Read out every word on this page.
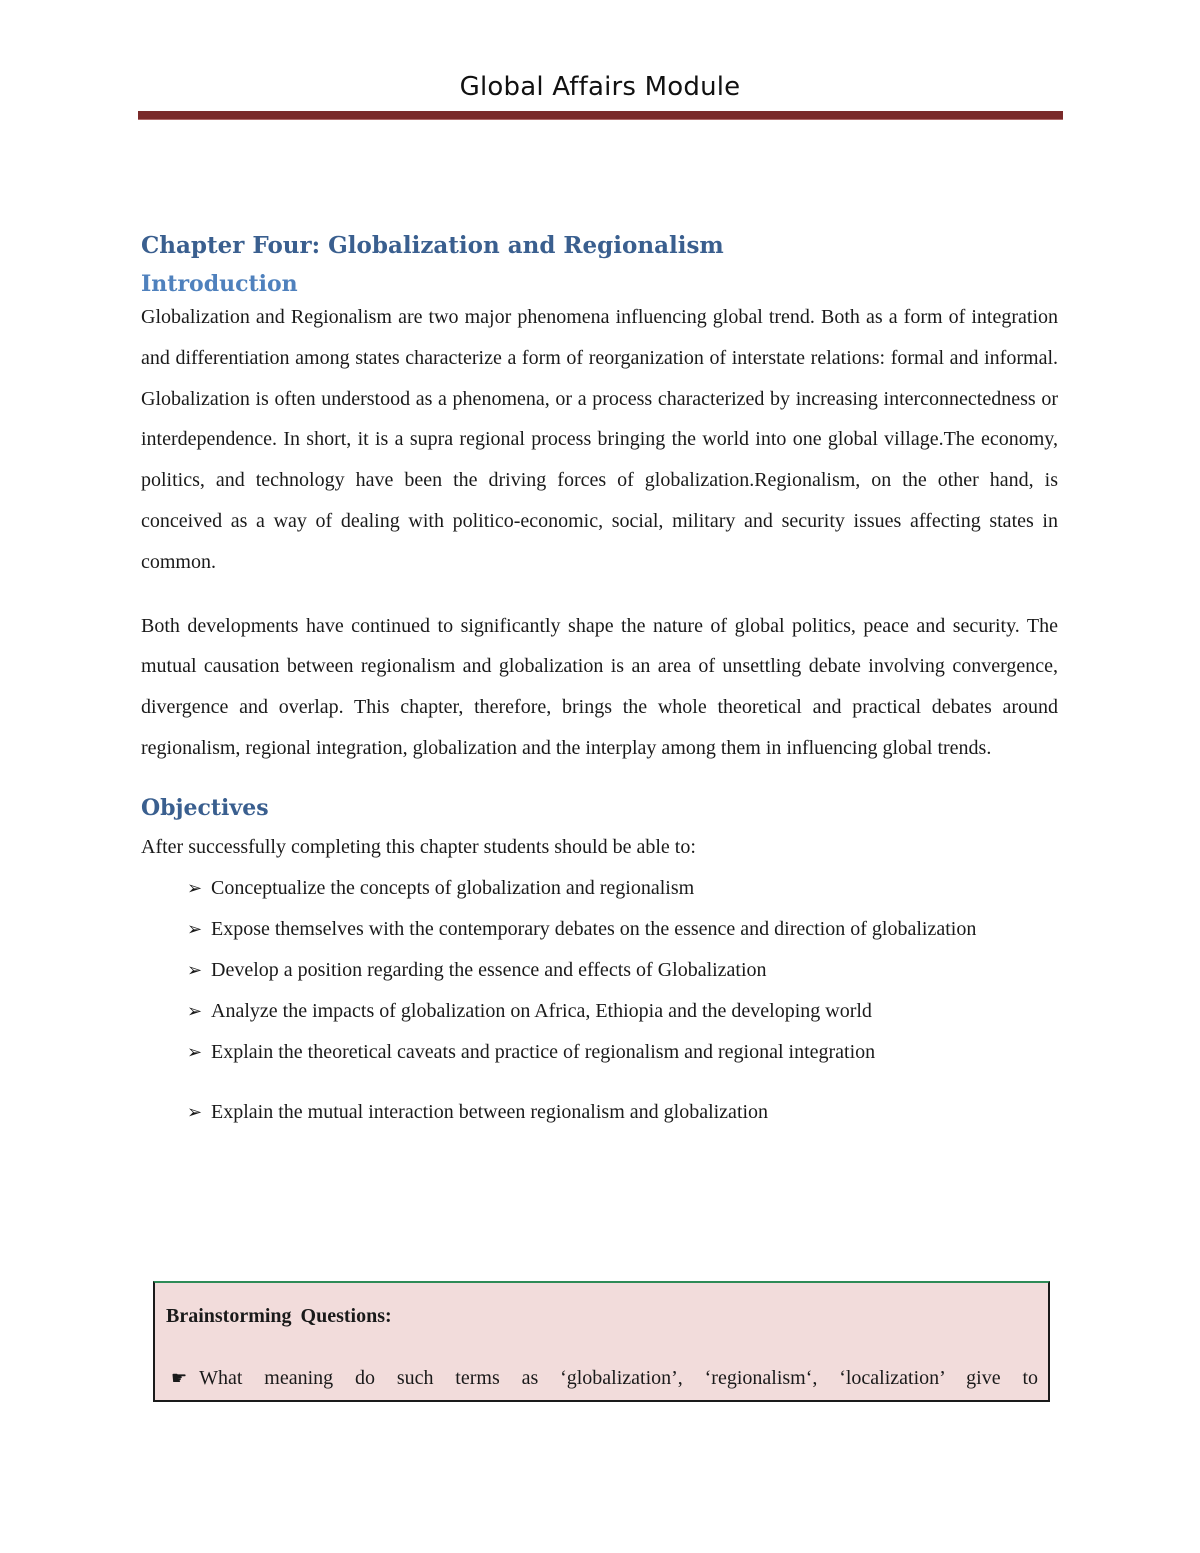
Global Affairs Module
Chapter Four: Globalization and Regionalism
Introduction

Globalization and Regionalism are two major phenomena influencing global trend. Both as a form of integration and differentiation among states characterize a form of reorganization of interstate relations: formal and informal. Globalization is often understood as a phenomena, or a process characterized by increasing interconnectedness or interdependence. In short, it is a supra regional process bringing the world into one global village.The economy, politics, and technology have been the driving forces of globalization.Regionalism, on the other hand, is conceived as a way of dealing with politico-economic, social, military and security issues affecting states in common.

Both developments have continued to significantly shape the nature of global politics, peace and security. The mutual causation between regionalism and globalization is an area of unsettling debate involving convergence, divergence and overlap. This chapter, therefore, brings the whole theoretical and practical debates around regionalism, regional integration, globalization and the interplay among them in influencing global trends.

Objectives

After successfully completing this chapter students should be able to:

➢ Conceptualize the concepts of globalization and regionalism
➢ Expose themselves with the contemporary debates on the essence and direction of globalization
➢ Develop a position regarding the essence and effects of Globalization
➢ Analyze the impacts of globalization on Africa, Ethiopia and the developing world
➢ Explain the theoretical caveats and practice of regionalism and regional integration
➢ Explain the mutual interaction between regionalism and globalization
Brainstorming Questions:
☛ What meaning do such terms as ‘globalization’, ‘regionalism‘, ‘localization’ give to
